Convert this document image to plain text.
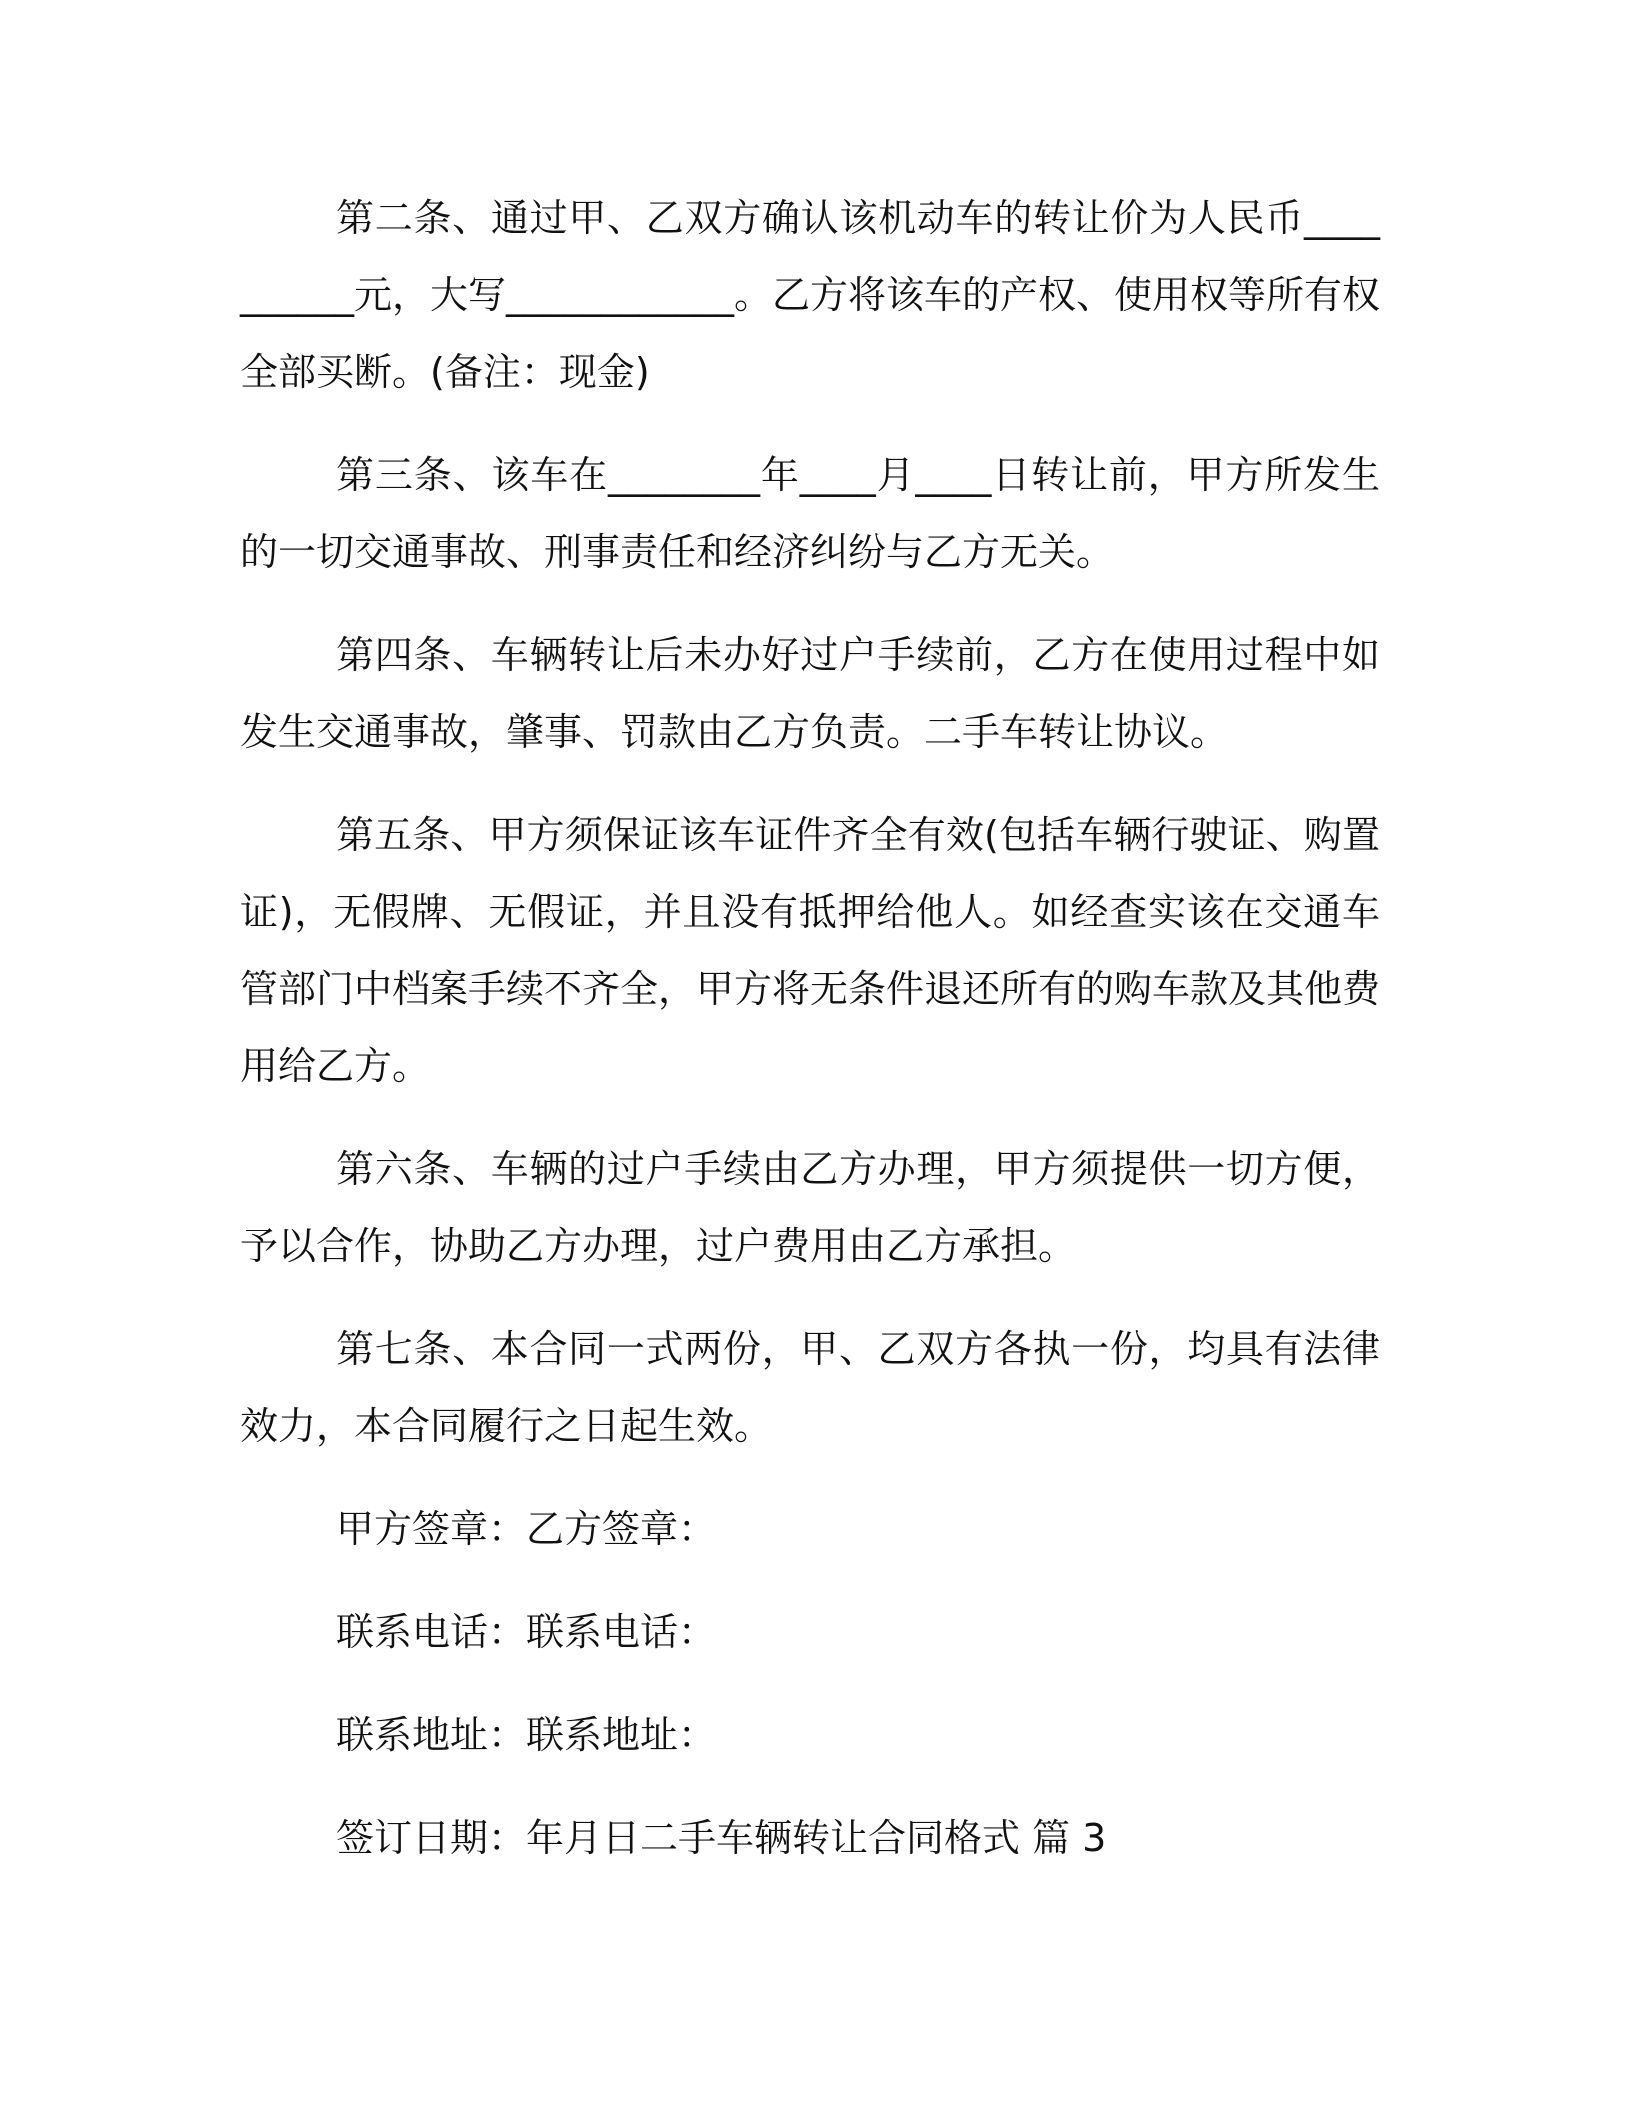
第二条、通过甲、乙双方确认该机动车的转让价为人民币__________元，大写____________。乙方将该车的产权、使用权等所有权全部买断。(备注：现金)

第三条、该车在________年____月____日转让前，甲方所发生的一切交通事故、刑事责任和经济纠纷与乙方无关。

第四条、车辆转让后未办好过户手续前，乙方在使用过程中如发生交通事故，肇事、罚款由乙方负责。二手车转让协议。

第五条、甲方须保证该车证件齐全有效(包括车辆行驶证、购置证)，无假牌、无假证，并且没有抵押给他人。如经查实该在交通车管部门中档案手续不齐全，甲方将无条件退还所有的购车款及其他费用给乙方。

第六条、车辆的过户手续由乙方办理，甲方须提供一切方便，予以合作，协助乙方办理，过户费用由乙方承担。

第七条、本合同一式两份，甲、乙双方各执一份，均具有法律效力，本合同履行之日起生效。

甲方签章：乙方签章：

联系电话：联系电话：

联系地址：联系地址：

签订日期：年月日二手车辆转让合同格式 篇 3
